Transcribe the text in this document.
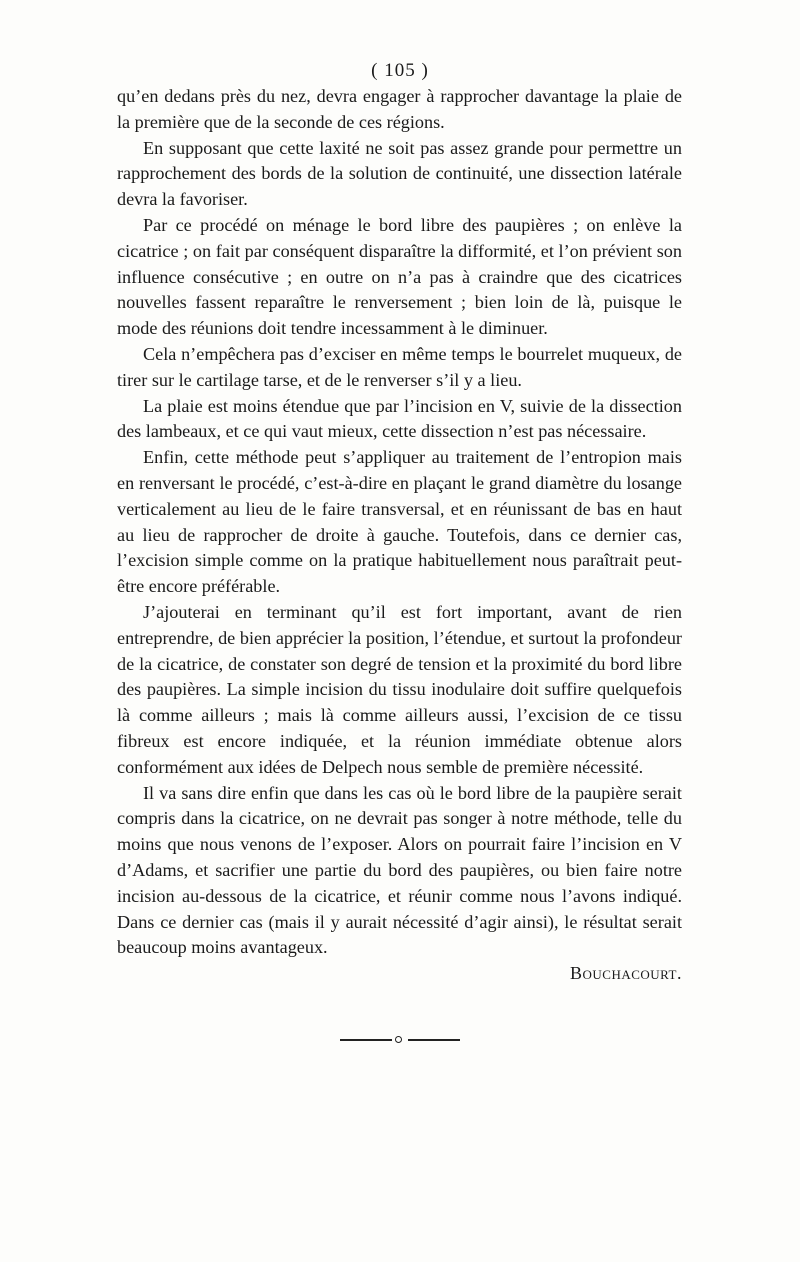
( 105 )

qu’en dedans près du nez, devra engager à rapprocher davantage la plaie de la première que de la seconde de ces régions.

En supposant que cette laxité ne soit pas assez grande pour permettre un rapprochement des bords de la solution de continuité, une dissection latérale devra la favoriser.

Par ce procédé on ménage le bord libre des paupières ; on enlève la cicatrice ; on fait par conséquent disparaître la difformité, et l’on prévient son influence consécutive ; en outre on n’a pas à craindre que des cicatrices nouvelles fassent reparaître le renversement ; bien loin de là, puisque le mode des réunions doit tendre incessamment à le diminuer.

Cela n’empêchera pas d’exciser en même temps le bourrelet muqueux, de tirer sur le cartilage tarse, et de le renverser s’il y a lieu.

La plaie est moins étendue que par l’incision en V, suivie de la dissection des lambeaux, et ce qui vaut mieux, cette dissection n’est pas nécessaire.

Enfin, cette méthode peut s’appliquer au traitement de l’entropion mais en renversant le procédé, c’est-à-dire en plaçant le grand diamètre du losange verticalement au lieu de le faire transversal, et en réunissant de bas en haut au lieu de rapprocher de droite à gauche. Toutefois, dans ce dernier cas, l’excision simple comme on la pratique habituellement nous paraîtrait peut-être encore préférable.

J’ajouterai en terminant qu’il est fort important, avant de rien entreprendre, de bien apprécier la position, l’étendue, et surtout la profondeur de la cicatrice, de constater son degré de tension et la proximité du bord libre des paupières. La simple incision du tissu inodulaire doit suffire quelquefois là comme ailleurs ; mais là comme ailleurs aussi, l’excision de ce tissu fibreux est encore indiquée, et la réunion immédiate obtenue alors conformément aux idées de Delpech nous semble de première nécessité.

Il va sans dire enfin que dans les cas où le bord libre de la paupière serait compris dans la cicatrice, on ne devrait pas songer à notre méthode, telle du moins que nous venons de l’exposer. Alors on pourrait faire l’incision en V d’Adams, et sacrifier une partie du bord des paupières, ou bien faire notre incision au-dessous de la cicatrice, et réunir comme nous l’avons indiqué. Dans ce dernier cas (mais il y aurait nécessité d’agir ainsi), le résultat serait beaucoup moins avantageux.

Bouchacourt.
